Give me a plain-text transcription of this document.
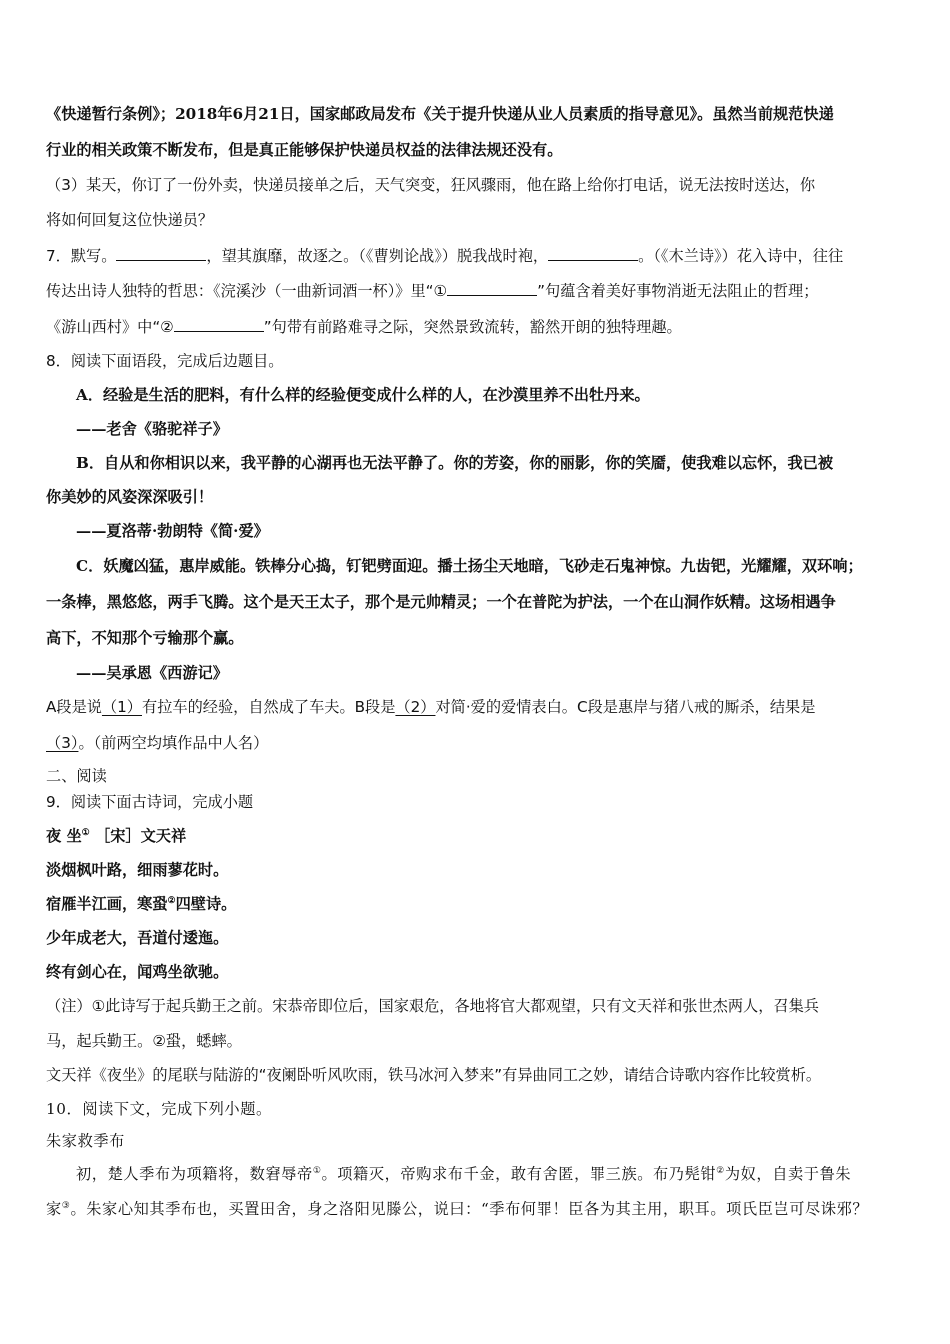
《快递暂行条例》；2018年6月21日，国家邮政局发布《关于提升快递从业人员素质的指导意见》。虽然当前规范快递
行业的相关政策不断发布，但是真正能够保护快递员权益的法律法规还没有。
（3）某天，你订了一份外卖，快递员接单之后，天气突变，狂风骤雨，他在路上给你打电话，说无法按时送达，你
将如何回复这位快递员？
7．默写。	，望其旗靡，故逐之。（《曹刿论战》）脱我战时袍，	。（《木兰诗》）花入诗中，往往
传达出诗人独特的哲思：《浣溪沙（一曲新词酒一杯）》里“①	”句蕴含着美好事物消逝无法阻止的哲理；
《游山西村》中“②	”句带有前路难寻之际，突然景致流转，豁然开朗的独特理趣。
8．阅读下面语段，完成后边题目。
A．经验是生活的肥料，有什么样的经验便变成什么样的人，在沙漠里养不出牡丹来。
——老舍《骆驼祥子》
B．自从和你相识以来，我平静的心湖再也无法平静了。你的芳姿，你的丽影，你的笑靥，使我难以忘怀，我已被
你美妙的风姿深深吸引！
——夏洛蒂·勃朗特《简·爱》
C．妖魔凶猛，惠岸威能。铁棒分心捣，钉钯劈面迎。播土扬尘天地暗，飞砂走石鬼神惊。九齿钯，光耀耀，双环响；
一条棒，黑悠悠，两手飞腾。这个是天王太子，那个是元帅精灵；一个在普陀为护法，一个在山洞作妖精。这场相遇争
高下，不知那个亏输那个赢。
——吴承恩《西游记》
A段是说（1）有拉车的经验，自然成了车夫。B段是（2）对简·爱的爱情表白。C段是惠岸与猪八戒的厮杀，结果是
（3）。（前两空均填作品中人名）
二、阅读
9．阅读下面古诗词，完成小题
夜 坐① ［宋］文天祥
淡烟枫叶路，细雨蓼花时。
宿雁半江画，寒蛩②四壁诗。
少年成老大，吾道付逶迤。
终有剑心在，闻鸡坐欲驰。
（注）①此诗写于起兵勤王之前。宋恭帝即位后，国家艰危，各地将官大都观望，只有文天祥和张世杰两人，召集兵
马，起兵勤王。②蛩，蟋蟀。
文天祥《夜坐》的尾联与陆游的“夜阑卧听风吹雨，铁马冰河入梦来”有异曲同工之妙，请结合诗歌内容作比较赏析。
10．阅读下文，完成下列小题。
朱家救季布
初，楚人季布为项籍将，数窘辱帝①。项籍灭，帝购求布千金，敢有舍匿，罪三族。布乃髡钳②为奴，自卖于鲁朱
家③。朱家心知其季布也，买置田舍，身之洛阳见滕公，说曰：“季布何罪！臣各为其主用，职耳。项氏臣岂可尽诛邪？
